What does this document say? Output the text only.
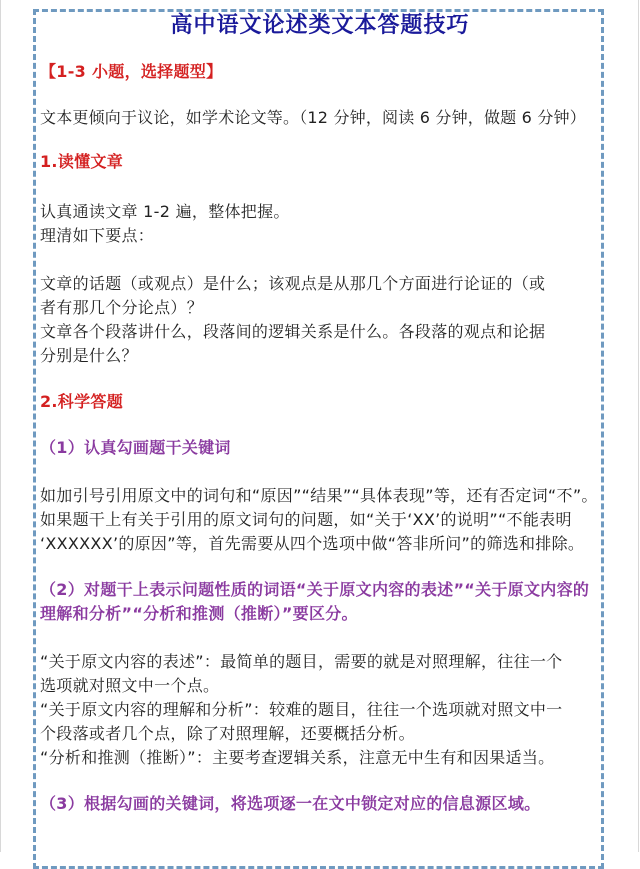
高中语文论述类文本答题技巧
【1-3 小题，选择题型】
文本更倾向于议论，如学术论文等。（12 分钟，阅读 6 分钟，做题 6 分钟）
1.读懂文章
认真通读文章 1-2 遍，整体把握。
理清如下要点：
文章的话题（或观点）是什么；该观点是从那几个方面进行论证的（或
者有那几个分论点）？
文章各个段落讲什么，段落间的逻辑关系是什么。各段落的观点和论据
分别是什么？
2.科学答题
（1）认真勾画题干关键词
如加引号引用原文中的词句和“原因”“结果”“具体表现”等，还有否定词“不”。
如果题干上有关于引用的原文词句的问题，如“关于‘XX’的说明”“不能表明
‘XXXXXX’的原因”等，首先需要从四个选项中做“答非所问”的筛选和排除。
（2）对题干上表示问题性质的词语“关于原文内容的表述”“关于原文内容的
理解和分析”“分析和推测（推断）”要区分。
“关于原文内容的表述”：最简单的题目，需要的就是对照理解，往往一个
选项就对照文中一个点。
“关于原文内容的理解和分析”：较难的题目，往往一个选项就对照文中一
个段落或者几个点，除了对照理解，还要概括分析。
“分析和推测（推断）”：主要考查逻辑关系，注意无中生有和因果适当。
（3）根据勾画的关键词，将选项逐一在文中锁定对应的信息源区域。
